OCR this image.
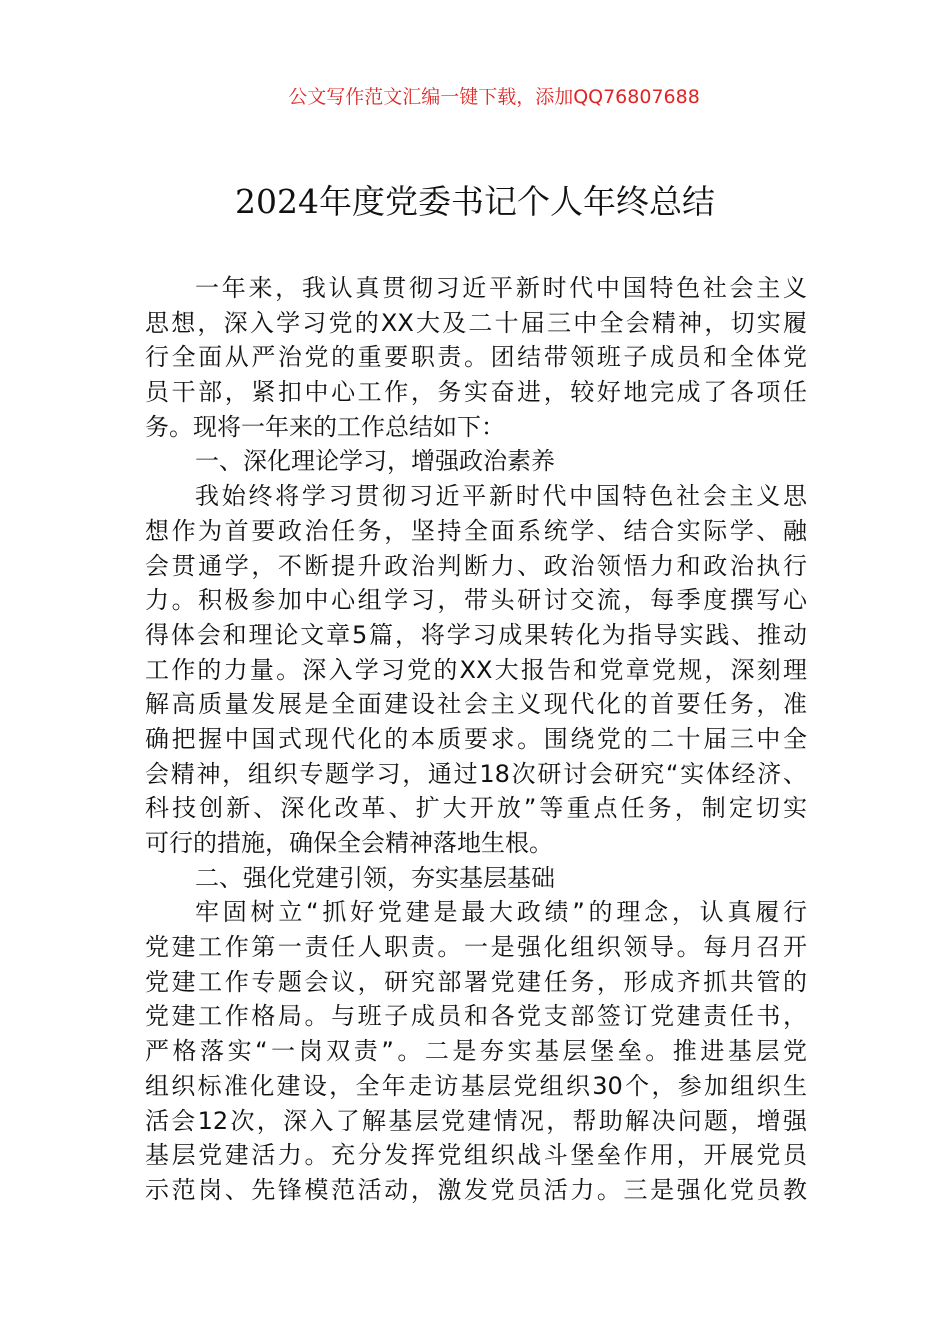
公文写作范文汇编一键下载，添加QQ76807688
2024年度党委书记个人年终总结
一年来，我认真贯彻习近平新时代中国特色社会主义
思想，深入学习党的XX大及二十届三中全会精神，切实履
行全面从严治党的重要职责。团结带领班子成员和全体党
员干部，紧扣中心工作，务实奋进，较好地完成了各项任
务。现将一年来的工作总结如下：
一、深化理论学习，增强政治素养
我始终将学习贯彻习近平新时代中国特色社会主义思
想作为首要政治任务，坚持全面系统学、结合实际学、融
会贯通学，不断提升政治判断力、政治领悟力和政治执行
力。积极参加中心组学习，带头研讨交流，每季度撰写心
得体会和理论文章5篇，将学习成果转化为指导实践、推动
工作的力量。深入学习党的XX大报告和党章党规，深刻理
解高质量发展是全面建设社会主义现代化的首要任务，准
确把握中国式现代化的本质要求。围绕党的二十届三中全
会精神，组织专题学习，通过18次研讨会研究“实体经济、
科技创新、深化改革、扩大开放”等重点任务，制定切实
可行的措施，确保全会精神落地生根。
二、强化党建引领，夯实基层基础
牢固树立“抓好党建是最大政绩”的理念，认真履行
党建工作第一责任人职责。一是强化组织领导。每月召开
党建工作专题会议，研究部署党建任务，形成齐抓共管的
党建工作格局。与班子成员和各党支部签订党建责任书，
严格落实“一岗双责”。二是夯实基层堡垒。推进基层党
组织标准化建设，全年走访基层党组织30个，参加组织生
活会12次，深入了解基层党建情况，帮助解决问题，增强
基层党建活力。充分发挥党组织战斗堡垒作用，开展党员
示范岗、先锋模范活动，激发党员活力。三是强化党员教
